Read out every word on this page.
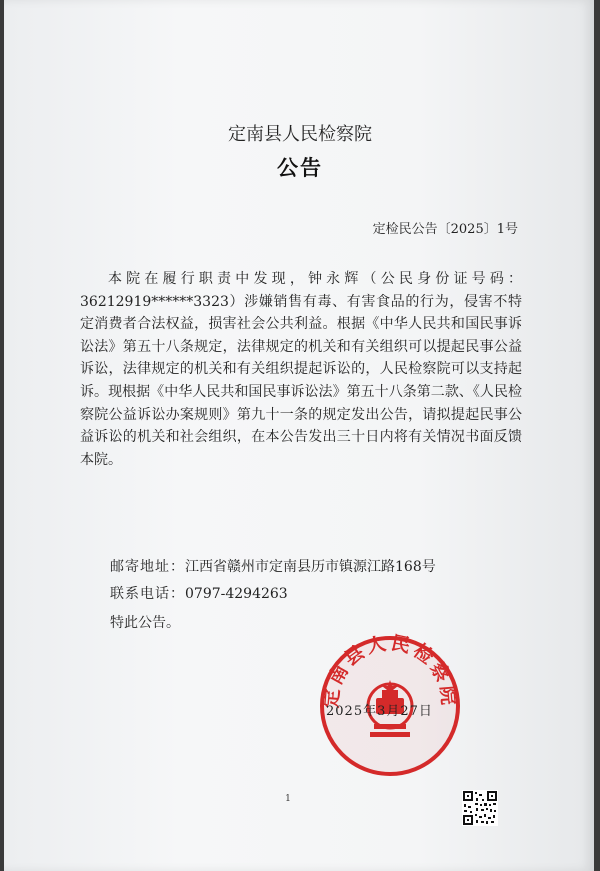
定南县人民检察院
公告
定检民公告〔2025〕1号

本院在履行职责中发现，钟永辉（公民身份证号码：36212919******3323）涉嫌销售有毒、有害食品的行为，侵害不特定消费者合法权益，损害社会公共利益。根据《中华人民共和国民事诉讼法》第五十八条规定，法律规定的机关和有关组织可以提起民事公益诉讼，法律规定的机关和有关组织提起诉讼的，人民检察院可以支持起诉。现根据《中华人民共和国民事诉讼法》第五十八条第二款、《人民检察院公益诉讼办案规则》第九十一条的规定发出公告，请拟提起民事公益诉讼的机关和社会组织，在本公告发出三十日内将有关情况书面反馈本院。

邮寄地址：江西省赣州市定南县历市镇源江路168号
联系电话：0797-4294263
特此公告。
定南县人民检察院
2025年3月27日
1
